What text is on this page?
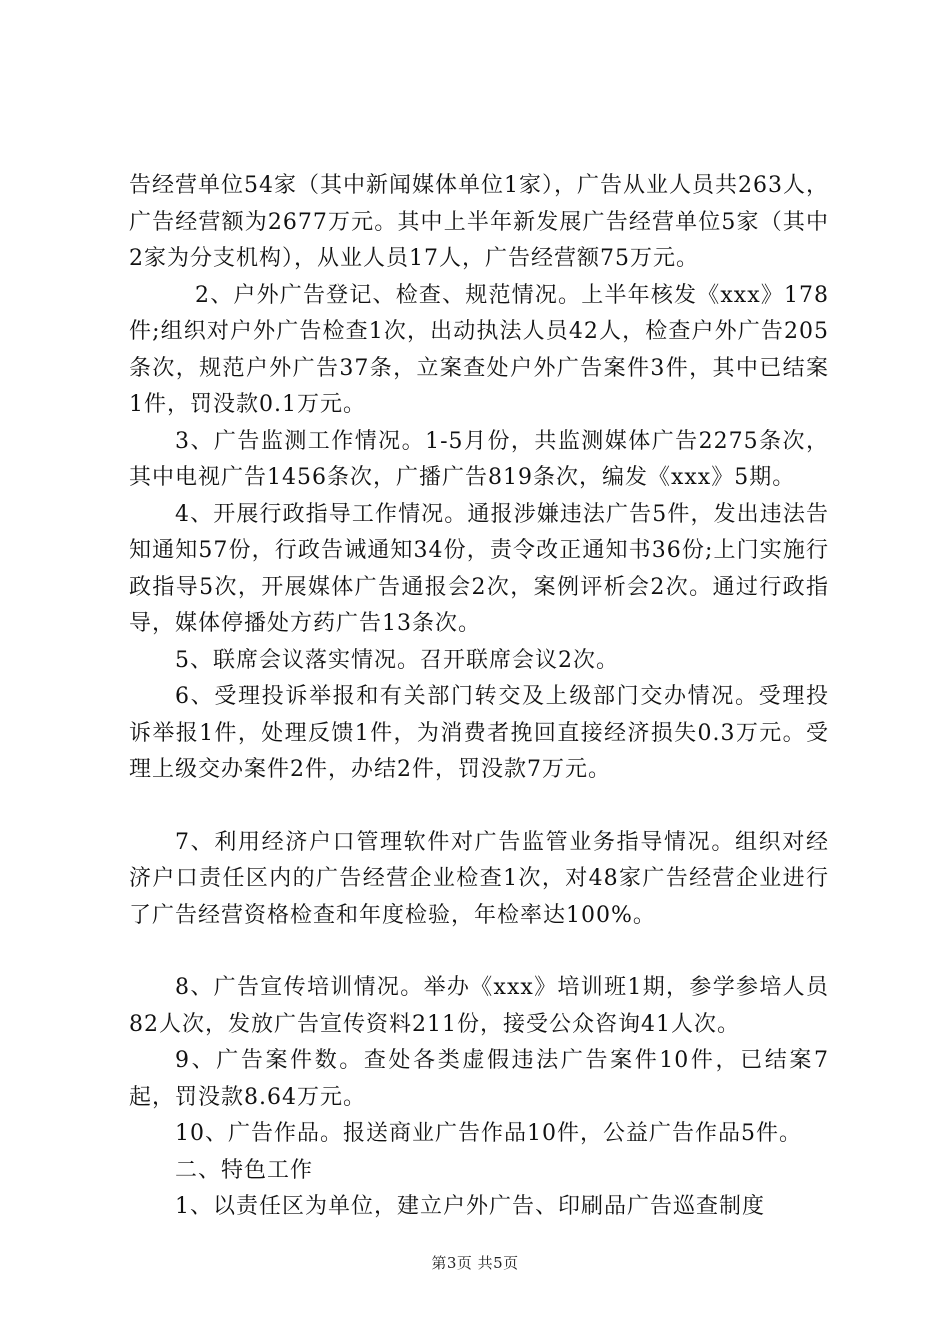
告经营单位54家（其中新闻媒体单位1家），广告从业人员共263人，广告经营额为2677万元。其中上半年新发展广告经营单位5家（其中2家为分支机构），从业人员17人，广告经营额75万元。

2、户外广告登记、检查、规范情况。上半年核发《xxx》178件;组织对户外广告检查1次，出动执法人员42人，检查户外广告205条次，规范户外广告37条，立案查处户外广告案件3件，其中已结案1件，罚没款0.1万元。

3、广告监测工作情况。1-5月份，共监测媒体广告2275条次，其中电视广告1456条次，广播广告819条次，编发《xxx》5期。

4、开展行政指导工作情况。通报涉嫌违法广告5件，发出违法告知通知57份，行政告诫通知34份，责令改正通知书36份;上门实施行政指导5次，开展媒体广告通报会2次，案例评析会2次。通过行政指导，媒体停播处方药广告13条次。

5、联席会议落实情况。召开联席会议2次。

6、受理投诉举报和有关部门转交及上级部门交办情况。受理投诉举报1件，处理反馈1件，为消费者挽回直接经济损失0.3万元。受理上级交办案件2件，办结2件，罚没款7万元。

7、利用经济户口管理软件对广告监管业务指导情况。组织对经济户口责任区内的广告经营企业检查1次，对48家广告经营企业进行了广告经营资格检查和年度检验，年检率达100%。

8、广告宣传培训情况。举办《xxx》培训班1期，参学参培人员82人次，发放广告宣传资料211份，接受公众咨询41人次。

9、广告案件数。查处各类虚假违法广告案件10件，已结案7起，罚没款8.64万元。

10、广告作品。报送商业广告作品10件，公益广告作品5件。

二、特色工作

1、以责任区为单位，建立户外广告、印刷品广告巡查制度

第3页 共5页
